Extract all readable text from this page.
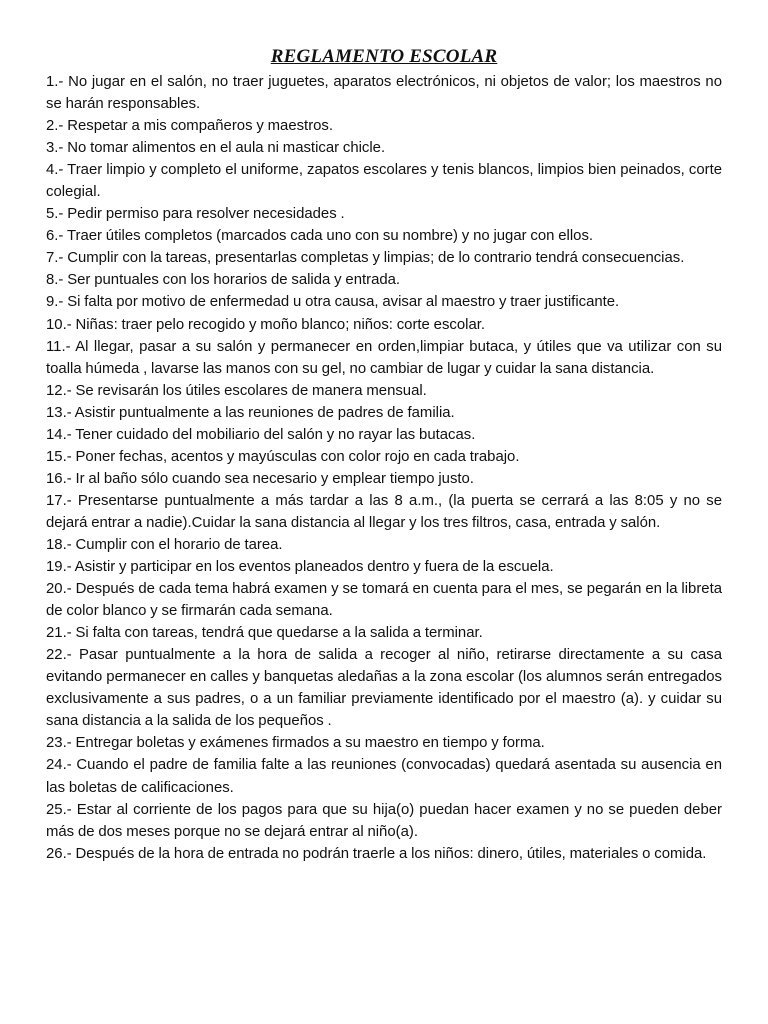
REGLAMENTO ESCOLAR
1.- No jugar en el salón, no traer juguetes, aparatos electrónicos, ni objetos de valor; los maestros no se harán responsables.
2.- Respetar a mis compañeros y maestros.
3.- No tomar alimentos en el aula ni masticar chicle.
4.- Traer limpio y completo el uniforme, zapatos escolares y tenis blancos, limpios bien peinados, corte colegial.
5.- Pedir permiso para resolver necesidades .
6.- Traer útiles completos (marcados cada uno con su nombre) y no jugar con ellos.
7.- Cumplir con la tareas, presentarlas completas y limpias; de lo contrario tendrá consecuencias.
8.- Ser puntuales con los horarios de salida y entrada.
9.- Si falta por motivo de enfermedad u otra causa, avisar al maestro y traer justificante.
10.- Niñas: traer pelo recogido y moño blanco; niños: corte escolar.
11.- Al llegar, pasar a su salón y permanecer en orden,limpiar butaca, y útiles que va utilizar con su toalla húmeda , lavarse las manos con su gel, no cambiar de lugar y cuidar la sana distancia.
12.- Se revisarán los útiles escolares de manera mensual.
13.- Asistir puntualmente a las reuniones de padres de familia.
14.- Tener cuidado del mobiliario del salón y no rayar las butacas.
15.- Poner fechas, acentos y mayúsculas con color rojo en cada trabajo.
16.- Ir al baño sólo cuando sea necesario y emplear tiempo justo.
17.- Presentarse puntualmente a más tardar a las 8 a.m., (la puerta se cerrará a las 8:05 y no se dejará entrar a nadie).Cuidar la sana distancia al llegar y los tres filtros, casa, entrada y salón.
18.- Cumplir con el horario de tarea.
19.- Asistir y participar en los eventos planeados dentro y fuera de la escuela.
20.- Después de cada tema habrá examen y se tomará en cuenta para el mes, se pegarán en la libreta de color blanco y se firmarán cada semana.
21.- Si falta con tareas, tendrá que quedarse a la salida a terminar.
22.- Pasar puntualmente a la hora de salida a recoger al niño, retirarse directamente a su casa evitando permanecer en calles y banquetas aledañas a la zona escolar (los alumnos serán entregados exclusivamente a sus padres, o a un familiar previamente identificado por el maestro (a). y cuidar su sana distancia a la salida de los pequeños .
23.- Entregar boletas y exámenes firmados a su maestro en tiempo y forma.
24.- Cuando el padre de familia falte a las reuniones (convocadas) quedará asentada su ausencia en las boletas de calificaciones.
25.- Estar al corriente de los pagos para que su hija(o) puedan hacer examen y no se pueden deber más de dos meses porque no se dejará entrar al niño(a).
26.- Después de la hora de entrada no podrán traerle a los niños: dinero, útiles, materiales o comida.
